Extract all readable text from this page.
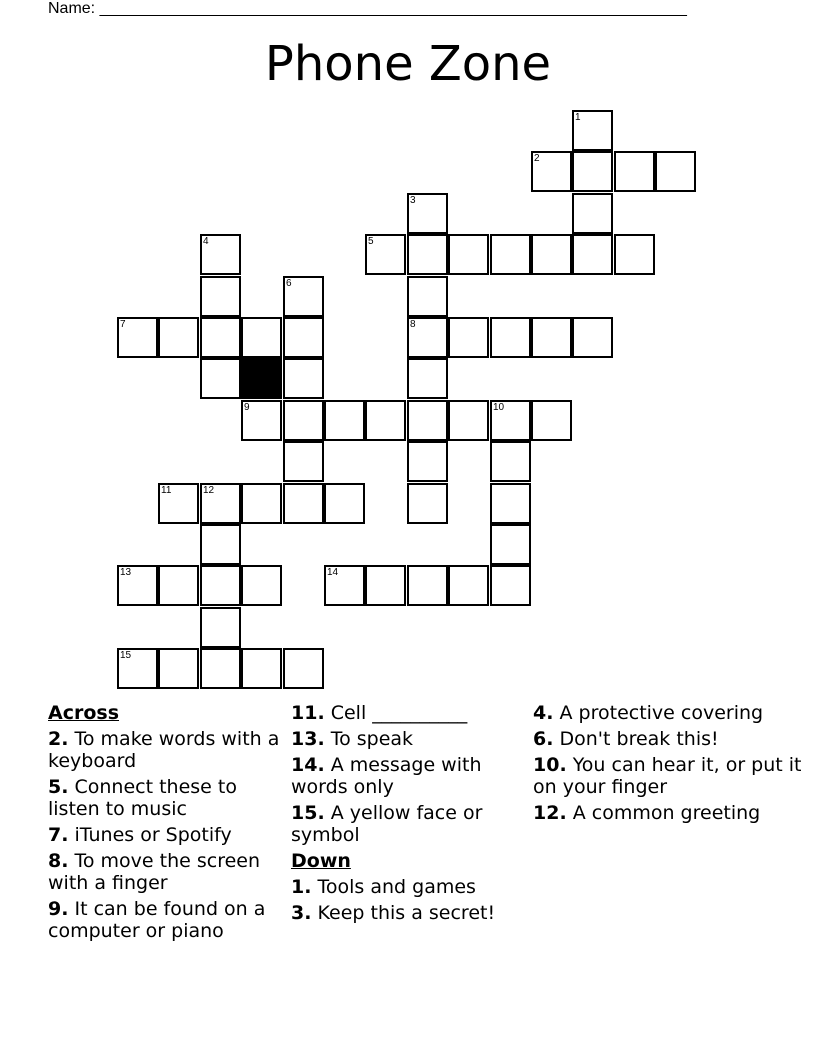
Name: __________________________________________________________________
Phone Zone
1
2
3
4	5
6
7	8
9	10
11	12
13	14
15
Across
2. To make words with a keyboard
5. Connect these to listen to music
7. iTunes or Spotify
8. To move the screen with a finger
9. It can be found on a computer or piano
11. Cell __________
13. To speak
14. A message with words only
15. A yellow face or symbol
Down
1. Tools and games
3. Keep this a secret!
4. A protective covering
6. Don't break this!
10. You can hear it, or put it on your finger
12. A common greeting
